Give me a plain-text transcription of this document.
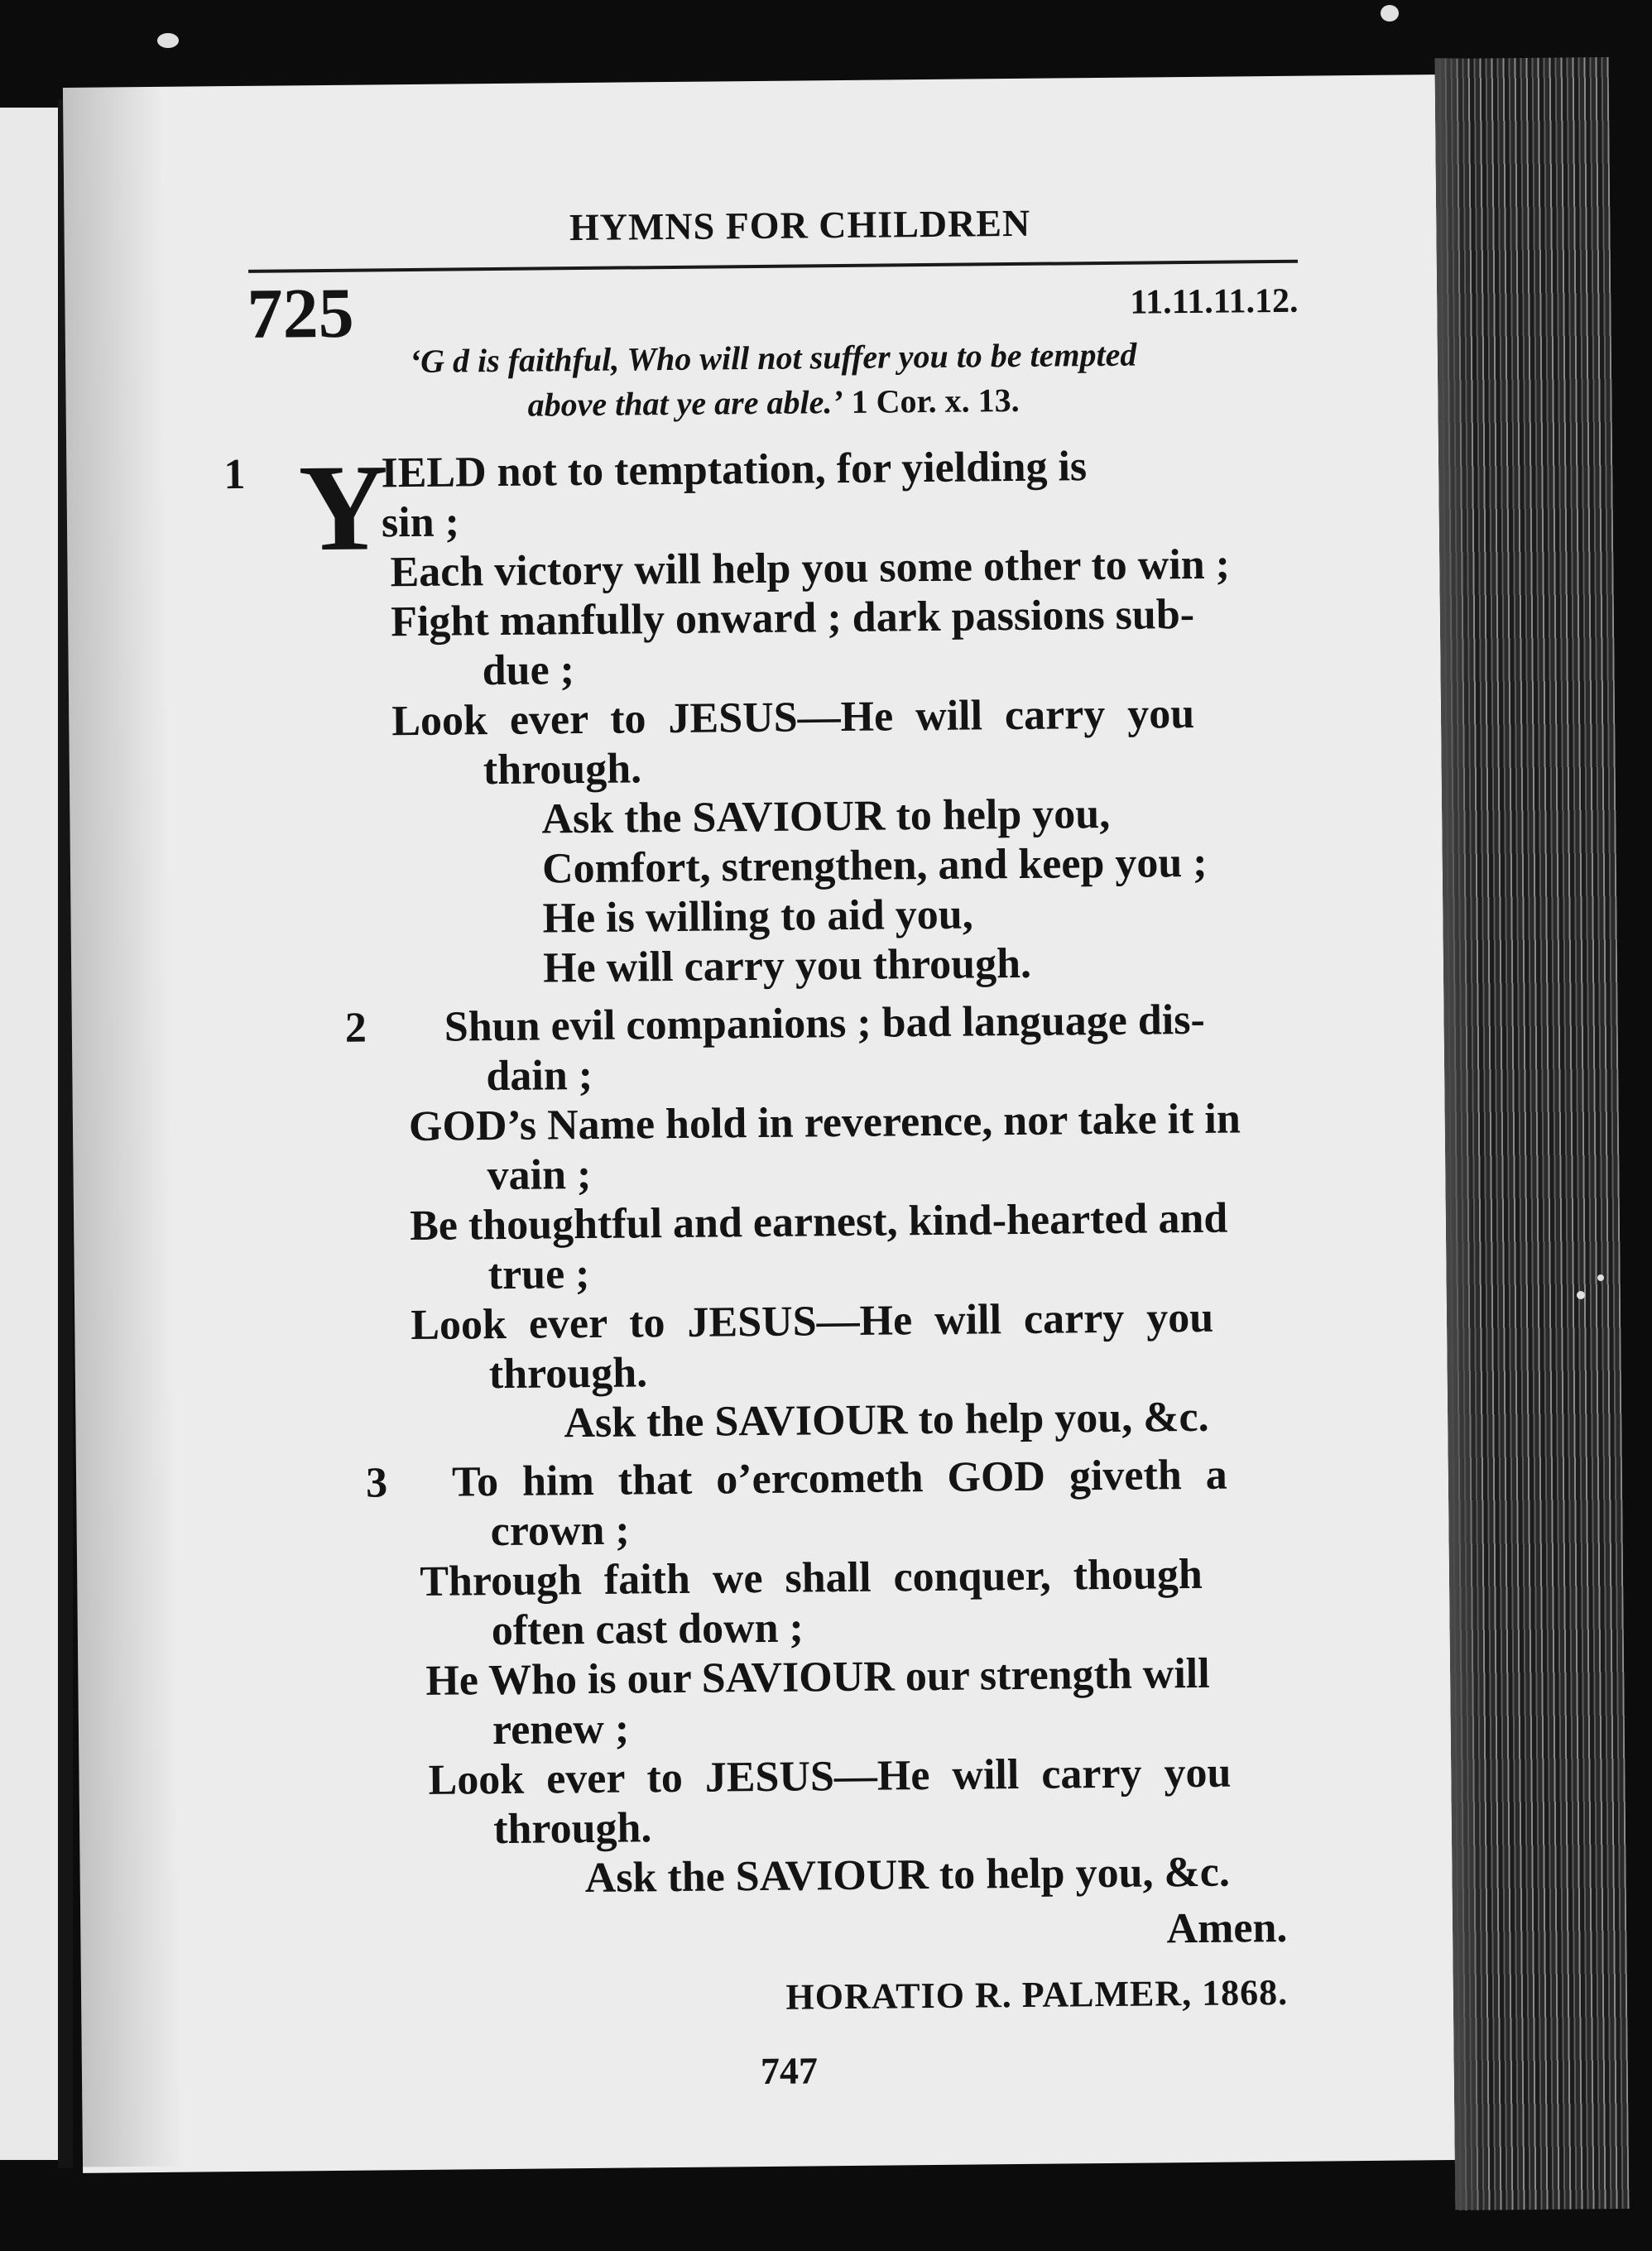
HYMNS FOR CHILDREN
725	11.11.11.12.
‘G d is faithful, Who will not suffer you to be tempted
above that ye are able.’ 1 Cor. x. 13.
1 Y
IELD not to temptation, for yielding is
sin ;
Each victory will help you some other to win ;
Fight manfully onward ; dark passions sub-
due ;
Look ever to JESUS—He will carry you
through.
Ask the SAVIOUR to help you,
Comfort, strengthen, and keep you ;
He is willing to aid you,
He will carry you through.
2 Shun evil companions ; bad language dis-
dain ;
GOD’s Name hold in reverence, nor take it in
vain ;
Be thoughtful and earnest, kind-hearted and
true ;
Look ever to JESUS—He will carry you
through.
Ask the SAVIOUR to help you, &c.
3 To him that o’ercometh GOD giveth a
crown ;
Through faith we shall conquer, though
often cast down ;
He Who is our SAVIOUR our strength will
renew ;
Look ever to JESUS—He will carry you
through.
Ask the SAVIOUR to help you, &c.
Amen.
HORATIO R. PALMER, 1868.
747
